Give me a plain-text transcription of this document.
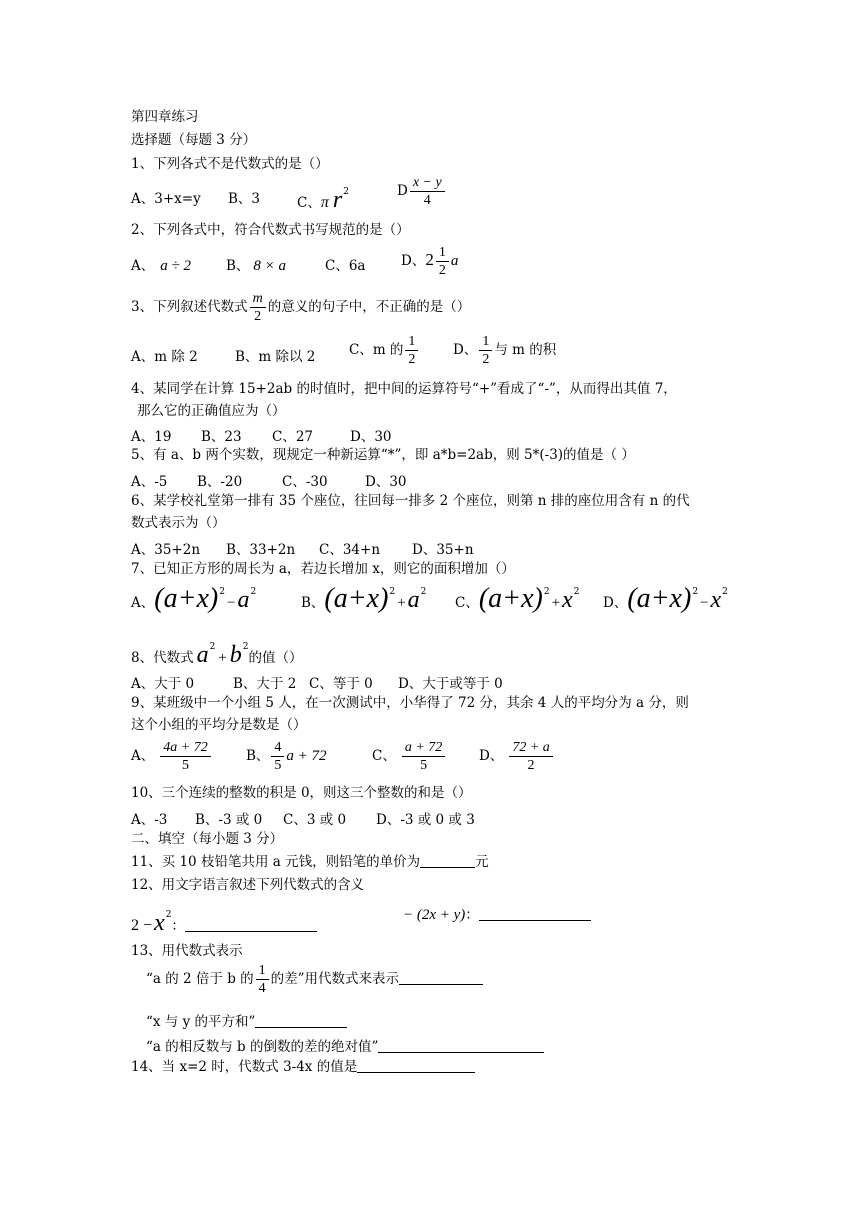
第四章练习
选择题（每题 3 分）
1、下列各式不是代数式的是（）
A、3+x=y B、3	C、π $r^2$	D $\frac{x - y}{4}$
2、下列各式中，符合代数式书写规范的是（）
A、 a ÷ 2	B、 8 × a	C、6a	D、$2 \frac{1}{2}$ a
3、下列叙述代数式 $\frac{m}{2}$ 的意义的句子中，不正确的是（）
A、m 除 2	B、m 除以 2 C、m 的 $\frac{1}{2}$	D、 $\frac{1}{2}$ 与 m 的积
4、某同学在计算 15+2ab 的时值时，把中间的运算符号“+”看成了“-”，从而得出其值 7，
那么它的正确值应为（）
A、19 B、23 C、27	D、30
5、有 a、b 两个实数，现规定一种新运算“*”，即 a*b=2ab，则 5*(-3)的值是（ ）
A、-5 B、-20	C、-30	D、30
6、某学校礼堂第一排有 35 个座位，往回每一排多 2 个座位，则第 n 排的座位用含有 n 的代
数式表示为（）
A、35+2n B、33+2n C、34+n D、35+n
7、已知正方形的周长为 a，若边长增加 x，则它的面积增加（）
A、$(a+x)^2-a^2$
B、$(a+x)^2+a^2$
C、$(a+x)^2+x^2$
D、$(a+x)^2-x^2$
8、代数式 $a^2+ b^2$的值（）
A、大于 0	B、大于 2 C、等于 0 D、大于或等于 0
9、某班级中一个小组 5 人，在一次测试中，小华得了 72 分，其余 4 人的平均分为 a 分，则
这个小组的平均分是数是（）
A、 $\frac{4a + 72}{5}$	B、 $\frac{4}{5}$ a + 72	C、 $\frac{a + 72}{5}$ D、 $\frac{72 + a}{2}$
10、三个连续的整数的积是 0，则这三个整数的和是（）
A、-3 B、-3 或 0 C、3 或 0 D、-3 或 0 或 3
二、填空（每小题 3 分）
11、买 10 枝铅笔共用 a 元钱，则铅笔的单价为	元
12、用文字语言叙述下列代数式的含义
$2 -x^2$：
− (2x + y)：
13、用代数式表示
“a 的 2 倍于 b 的 $\frac{1}{4}$ 的差”用代数式来表示
“x 与 y 的平方和”
“a 的相反数与 b 的倒数的差的绝对值”
14、当 x=2 时，代数式 3-4x 的值是
